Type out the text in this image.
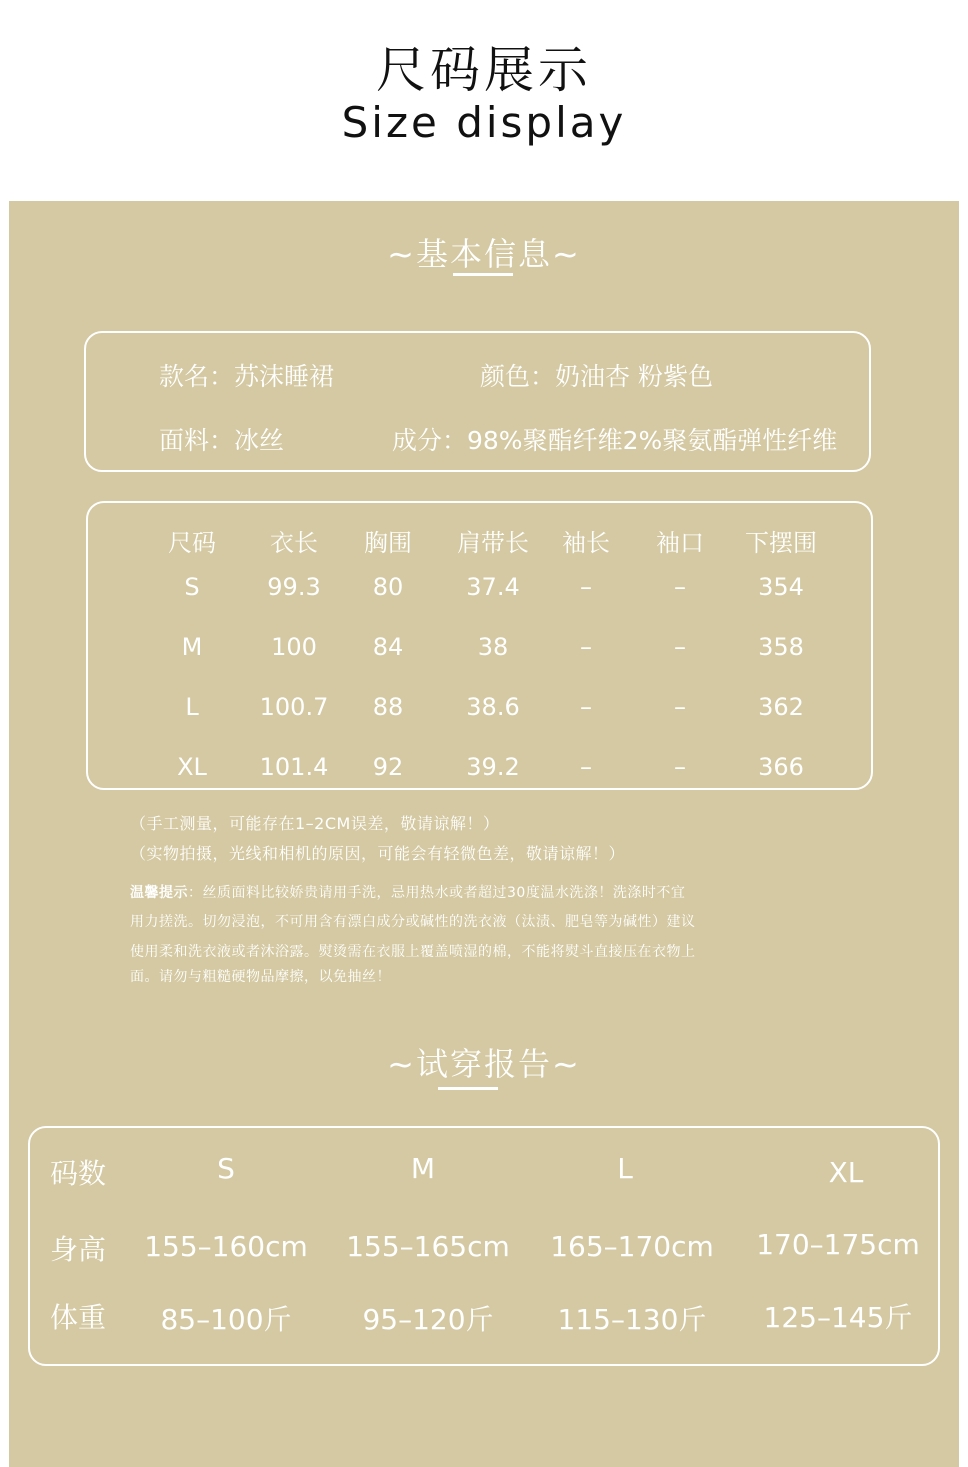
尺码展示
Size display
~基本信息~
款名：苏沫睡裙	颜色：奶油杏 粉紫色
面料：冰丝	成分：98%聚酯纤维2%聚氨酯弹性纤维
尺码	衣长	胸围	肩带长	袖长	袖口	下摆围
S	99.3	80	37.4	–	–	354
M	100	84	38	–	–	358
L	100.7	88	38.6	–	–	362
XL	101.4	92	39.2	–	–	366
（手工测量，可能存在1–2CM误差，敬请谅解！）
（实物拍摄，光线和相机的原因，可能会有轻微色差，敬请谅解！）
温馨提示：丝质面料比较娇贵请用手洗，忌用热水或者超过30度温水洗涤！洗涤时不宜
用力搓洗。切勿浸泡，不可用含有漂白成分或碱性的洗衣液（汰渍、肥皂等为碱性）建议
使用柔和洗衣液或者沐浴露。熨烫需在衣服上覆盖喷湿的棉，不能将熨斗直接压在衣物上
面。请勿与粗糙硬物品摩擦，以免抽丝！
~试穿报告~
码数	S	M	L	XL
身高	155–160cm	155–165cm	165–170cm	170–175cm
体重	85–100斤	95–120斤	115–130斤	125–145斤
